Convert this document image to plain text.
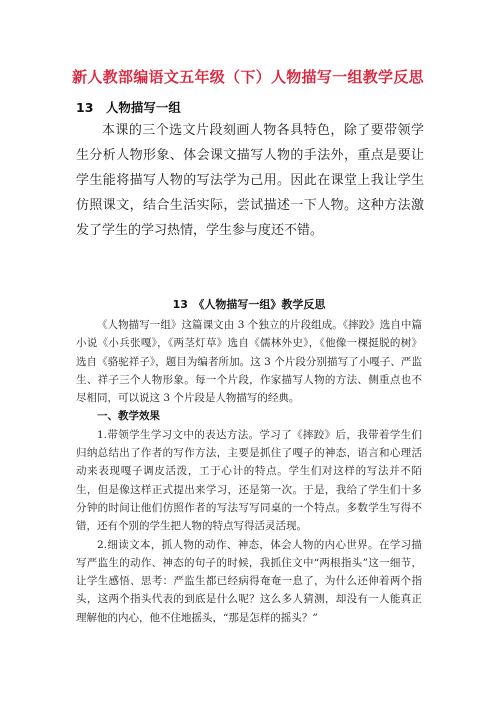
新人教部编语文五年级（下）人物描写一组教学反思
13　人物描写一组

本课的三个选文片段刻画人物各具特色，除了要带领学生分析人物形象、体会课文描写人物的手法外，重点是要让学生能将描写人物的写法学为己用。因此在课堂上我让学生仿照课文，结合生活实际，尝试描述一下人物。这种方法激发了学生的学习热情，学生参与度还不错。

13　《人物描写一组》教学反思

《人物描写一组》这篇课文由 3 个独立的片段组成。《摔跤》选自中篇小说《小兵张嘎》，《两茎灯草》选自《儒林外史》，《他像一棵挺脱的树》选自《骆驼祥子》，题目为编者所加。这 3 个片段分别描写了小嘎子、严监生、祥子三个人物形象。每一个片段，作家描写人物的方法、侧重点也不尽相同，可以说这 3 个片段是人物描写的经典。

一、教学效果

1.带领学生学习文中的表达方法。学习了《摔跤》后，我带着学生们归纳总结出了作者的写作方法，主要是抓住了嘎子的神态，语言和心理活动来表现嘎子调皮活泼，工于心计的特点。学生们对这样的写法并不陌生，但是像这样正式提出来学习，还是第一次。于是，我给了学生们十多分钟的时间让他们仿照作者的写法写写同桌的一个特点。多数学生写得不错，还有个别的学生把人物的特点写得活灵活现。

2.细读文本，抓人物的动作、神态，体会人物的内心世界。在学习描写严监生的动作、神态的句子的时候，我抓住文中“两根指头”这一细节，让学生感悟、思考：严监生都已经病得奄奄一息了，为什么还伸着两个指头，这两个指头代表的到底是什么呢？这么多人猜测，却没有一人能真正理解他的内心，他不住地摇头，“那是怎样的摇头？”
